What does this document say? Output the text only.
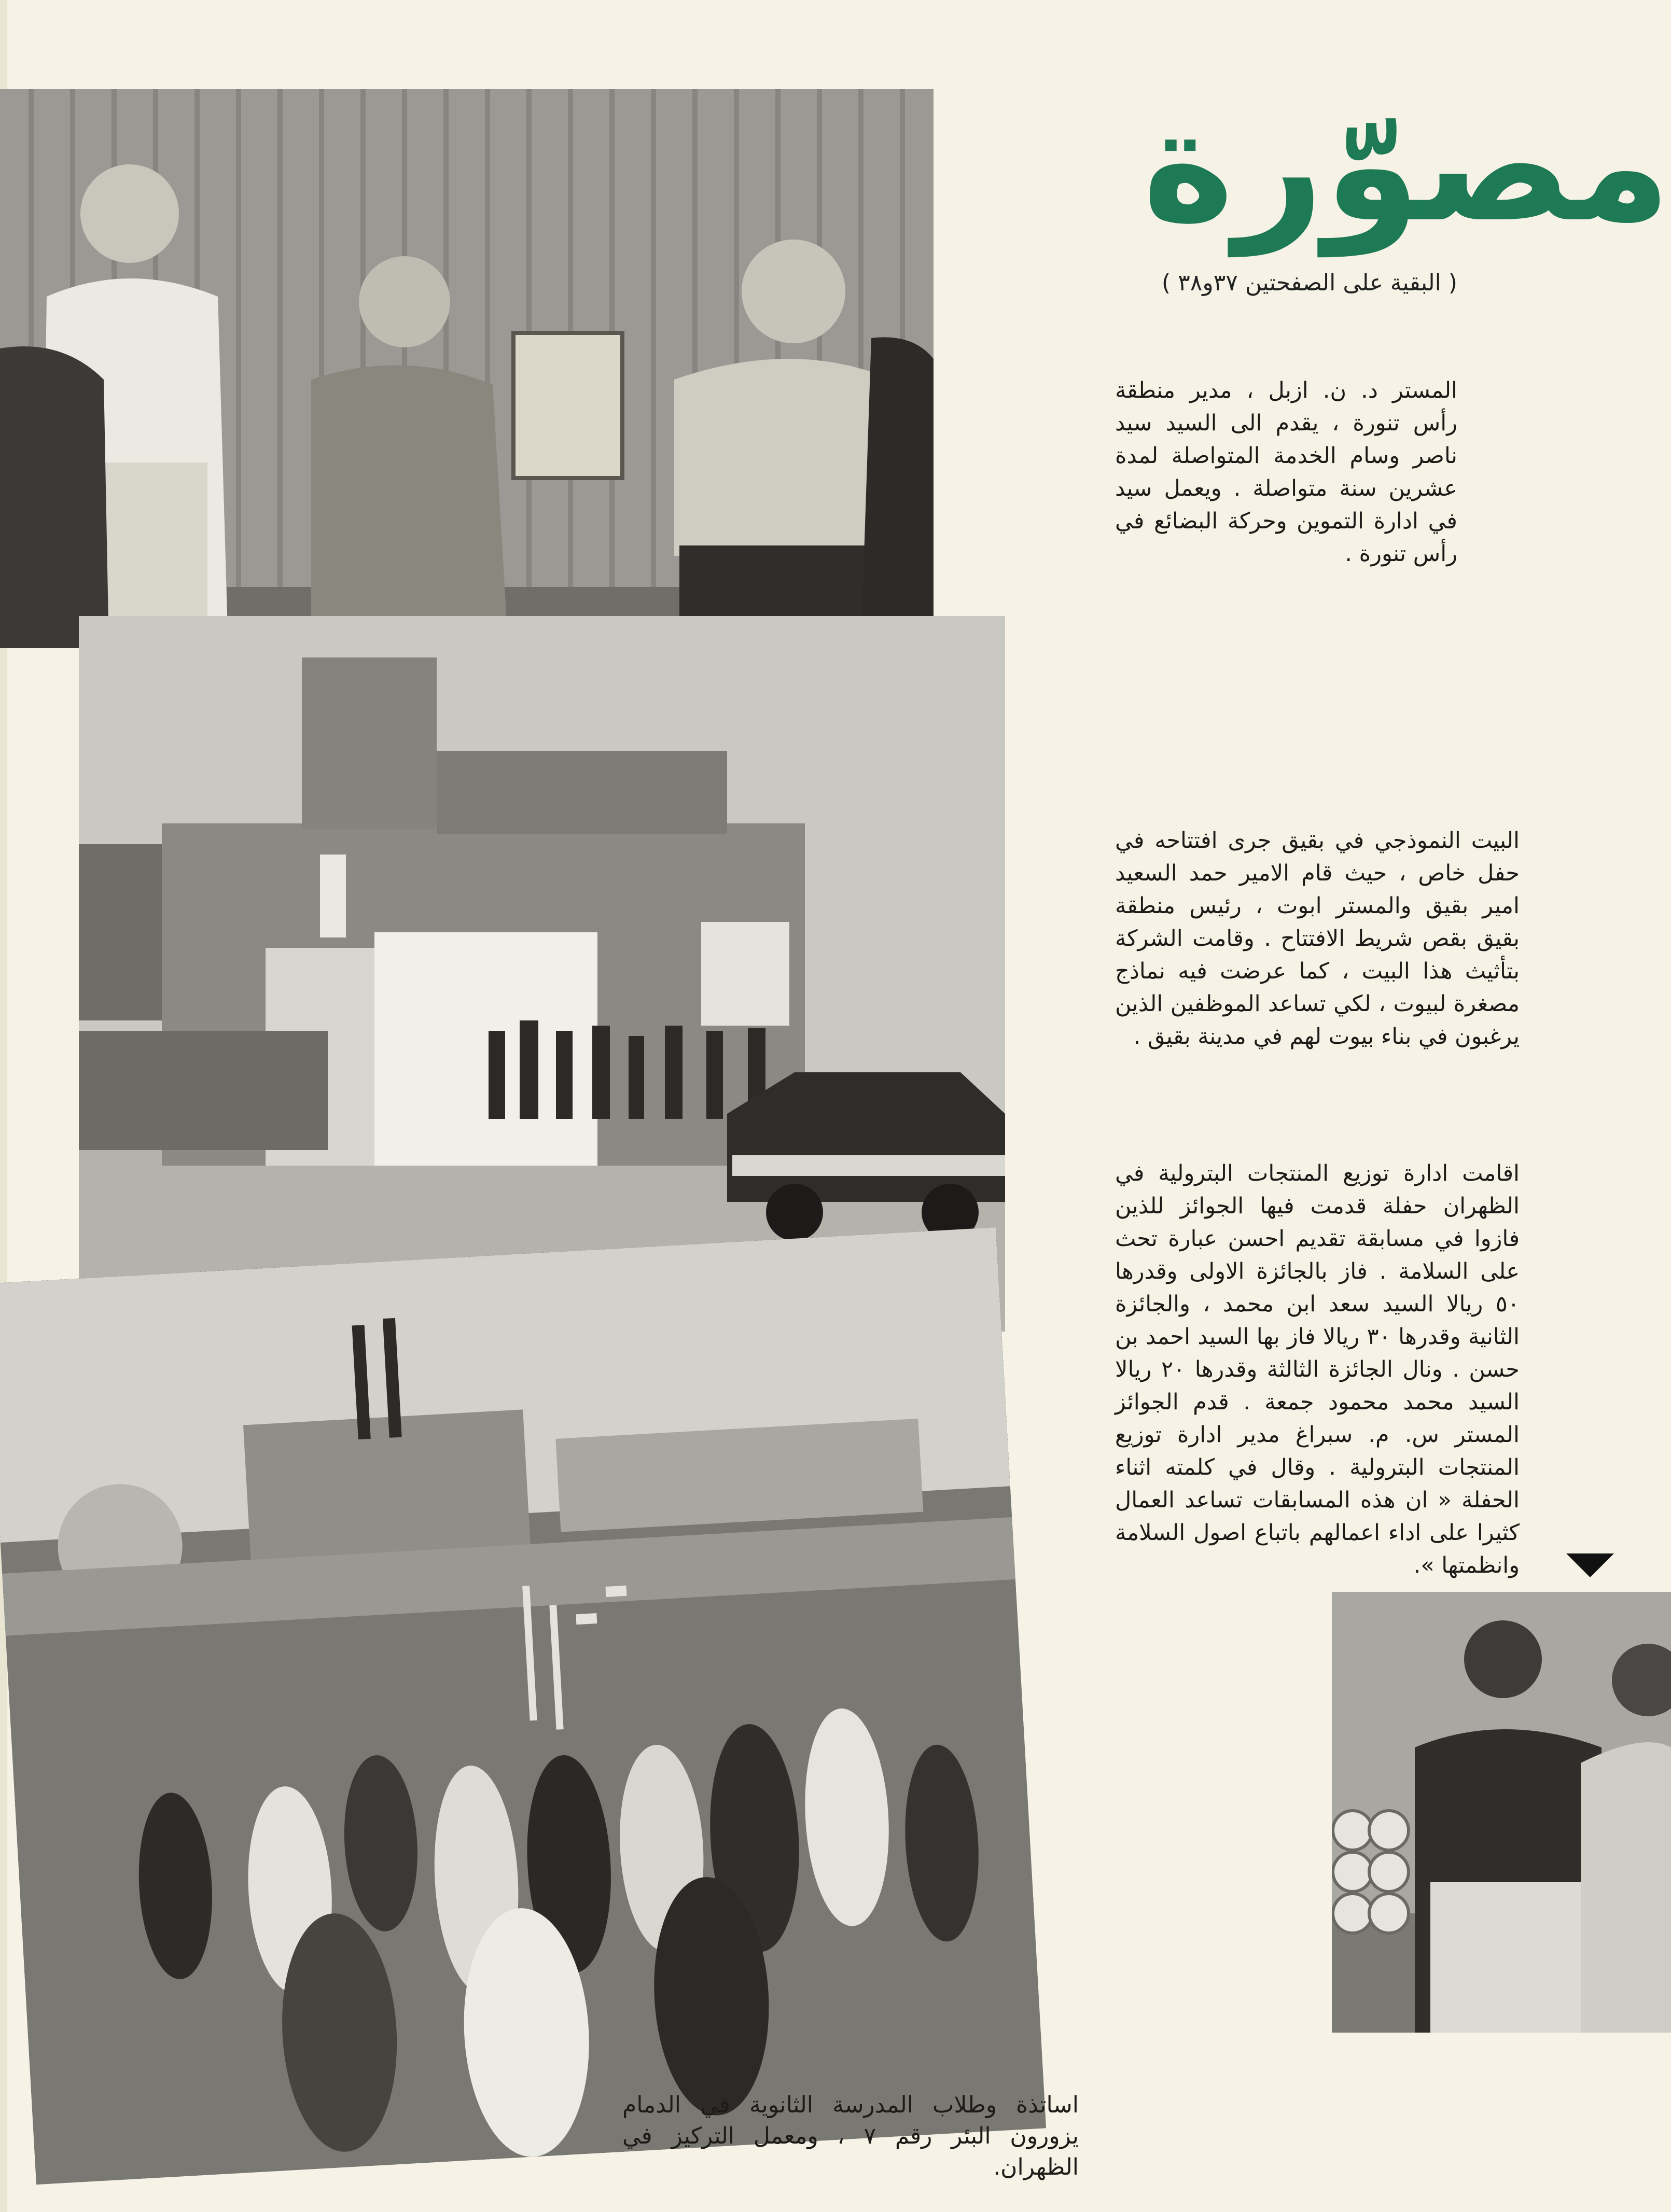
مصوّرة
( البقية على الصفحتين ٣٧و٣٨ )
المستر د. ن. ازبل ، مدير منطقة رأس تنورة ، يقدم الى السيد سيد ناصر وسام الخدمة المتواصلة لمدة عشرين سنة متواصلة . ويعمل سيد في ادارة التموين وحركة البضائع في رأس تنورة .
البيت النموذجي في بقيق جرى افتتاحه في حفل خاص ، حيث قام الامير حمد السعيد امير بقيق والمستر ابوت ، رئيس منطقة بقيق بقص شريط الافتتاح . وقامت الشركة بتأثيث هذا البيت ، كما عرضت فيه نماذج مصغرة لبيوت ، لكي تساعد الموظفين الذين يرغبون في بناء بيوت لهم في مدينة بقيق .
اقامت ادارة توزيع المنتجات البترولية في الظهران حفلة قدمت فيها الجوائز للذين فازوا في مسابقة تقديم احسن عبارة تحث على السلامة . فاز بالجائزة الاولى وقدرها ٥٠ ريالا السيد سعد ابن محمد ، والجائزة الثانية وقدرها ٣٠ ريالا فاز بها السيد احمد بن حسن . ونال الجائزة الثالثة وقدرها ٢٠ ريالا السيد محمد محمود جمعة . قدم الجوائز المستر س. م. سبراغ مدير ادارة توزيع المنتجات البترولية . وقال في كلمته اثناء الحفلة « ان هذه المسابقات تساعد العمال كثيرا على اداء اعمالهم باتباع اصول السلامة وانظمتها ».
اساتذة وطلاب المدرسة الثانوية في الدمام يزورون البئر رقم ٧ ، ومعمل التركيز في الظهران.
